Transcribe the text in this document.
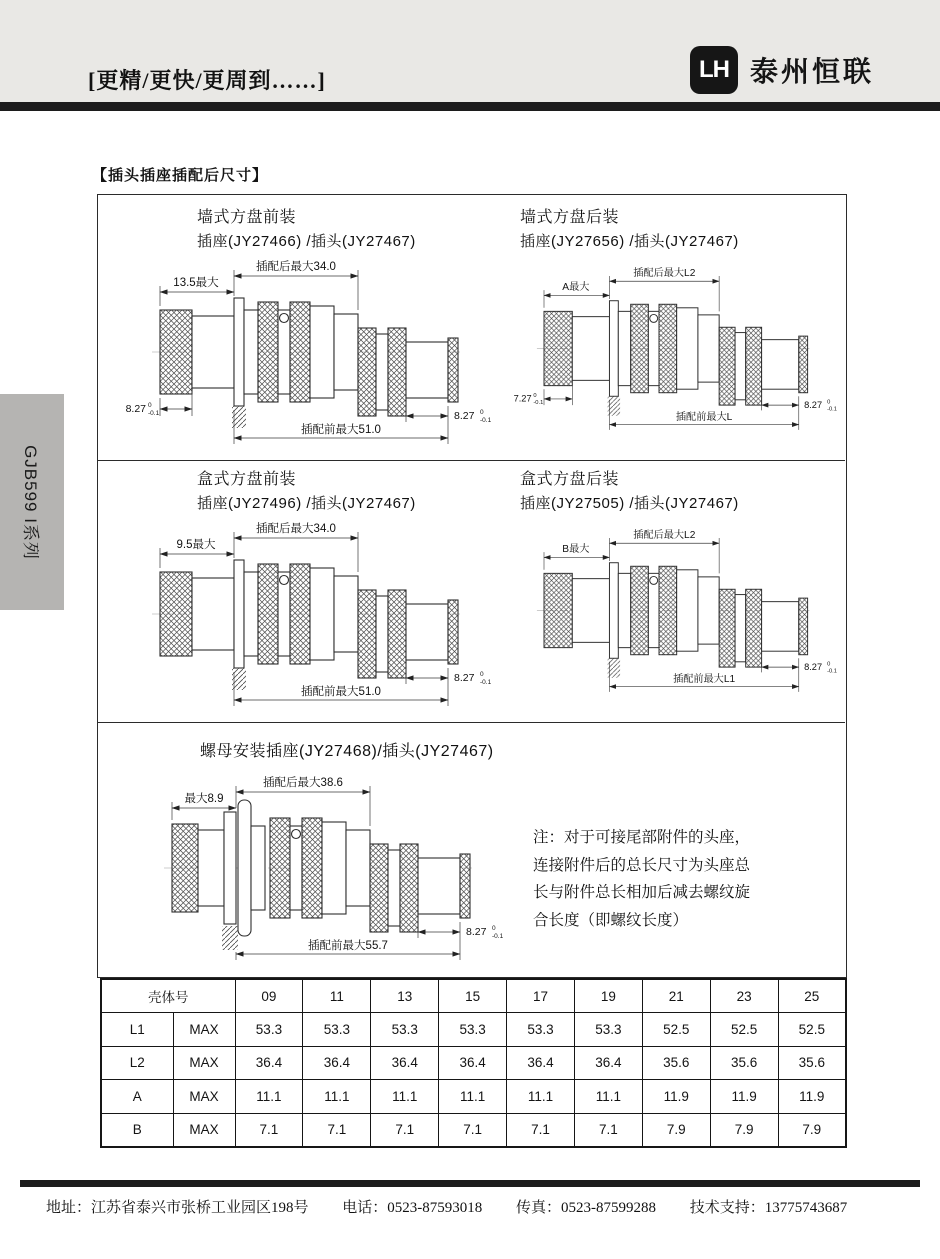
[更精/更快/更周到……]	LH 泰州恒联
GJB599 I系列
【插头插座插配后尺寸】
墙式方盘前装
插座(JY27466) /插头(JY27467)
墙式方盘后装
插座(JY27656) /插头(JY27467)
盒式方盘前装
插座(JY27496) /插头(JY27467)
盒式方盘后装
插座(JY27505) /插头(JY27467)
螺母安装插座(JY27468)/插头(JY27467)
插配后最大34.0
13.5最大
8.27 0
-0.1	8.27 0
-0.1
插配前最大51.0
插配后最大L2
A最大
7.27 0
-0.1	8.27 0
-0.1
插配前最大L
插配后最大34.0
9.5最大
8.27 0
-0.1
插配前最大51.0
插配后最大L2
B最大
8.27 0
-0.1
插配前最大L1
插配后最大38.6
最大8.9
8.27 0
-0.1
插配前最大55.7
注：对于可接尾部附件的头座，
连接附件后的总长尺寸为头座总
长与附件总长相加后减去螺纹旋
合长度（即螺纹长度）
壳体号		09	11	13	15	17	19	21	23	25
L1	MAX	53.3	53.3	53.3	53.3	53.3	53.3	52.5	52.5	52.5
L2	MAX	36.4	36.4	36.4	36.4	36.4	36.4	35.6	35.6	35.6
A	MAX	11.1	11.1	11.1	11.1	11.1	11.1	11.9	11.9	11.9
B	MAX	7.1	7.1	7.1	7.1	7.1	7.1	7.9	7.9	7.9
地址：江苏省泰兴市张桥工业园区198号 电话：0523-87593018 传真：0523-87599288 技术支持：13775743687
